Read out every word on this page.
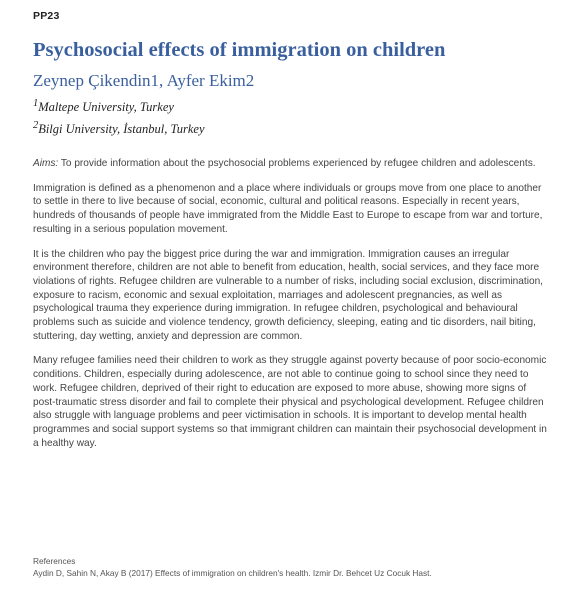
PP23
Psychosocial effects of immigration on children
Zeynep Çikendin1, Ayfer Ekim2
$^1$Maltepe University, Turkey
$^2$Bilgi University, İstanbul, Turkey

Aims: To provide information about the psychosocial problems experienced by refugee children and adolescents.

Immigration is defined as a phenomenon and a place where individuals or groups move from one place to another to settle in there to live because of social, economic, cultural and political reasons. Especially in recent years, hundreds of thousands of people have immigrated from the Middle East to Europe to escape from war and torture, resulting in a serious population movement.

It is the children who pay the biggest price during the war and immigration. Immigration causes an irregular environment therefore, children are not able to benefit from education, health, social services, and they face more violations of rights. Refugee children are vulnerable to a number of risks, including social exclusion, discrimination, exposure to racism, economic and sexual exploitation, marriages and adolescent pregnancies, as well as psychological trauma they experience during immigration. In refugee children, psychological and behavioural problems such as suicide and violence tendency, growth deficiency, sleeping, eating and tic disorders, nail biting, stuttering, day wetting, anxiety and depression are common.

Many refugee families need their children to work as they struggle against poverty because of poor socio-economic conditions. Children, especially during adolescence, are not able to continue going to school since they need to work. Refugee children, deprived of their right to education are exposed to more abuse, showing more signs of post-traumatic stress disorder and fail to complete their physical and psychological development. Refugee children also struggle with language problems and peer victimisation in schools. It is important to develop mental health programmes and social support systems so that immigrant children can maintain their psychosocial development in a healthy way.

References
Aydin D, Sahin N, Akay B (2017) Effects of immigration on children's health. Izmir Dr. Behcet Uz Cocuk Hast.
